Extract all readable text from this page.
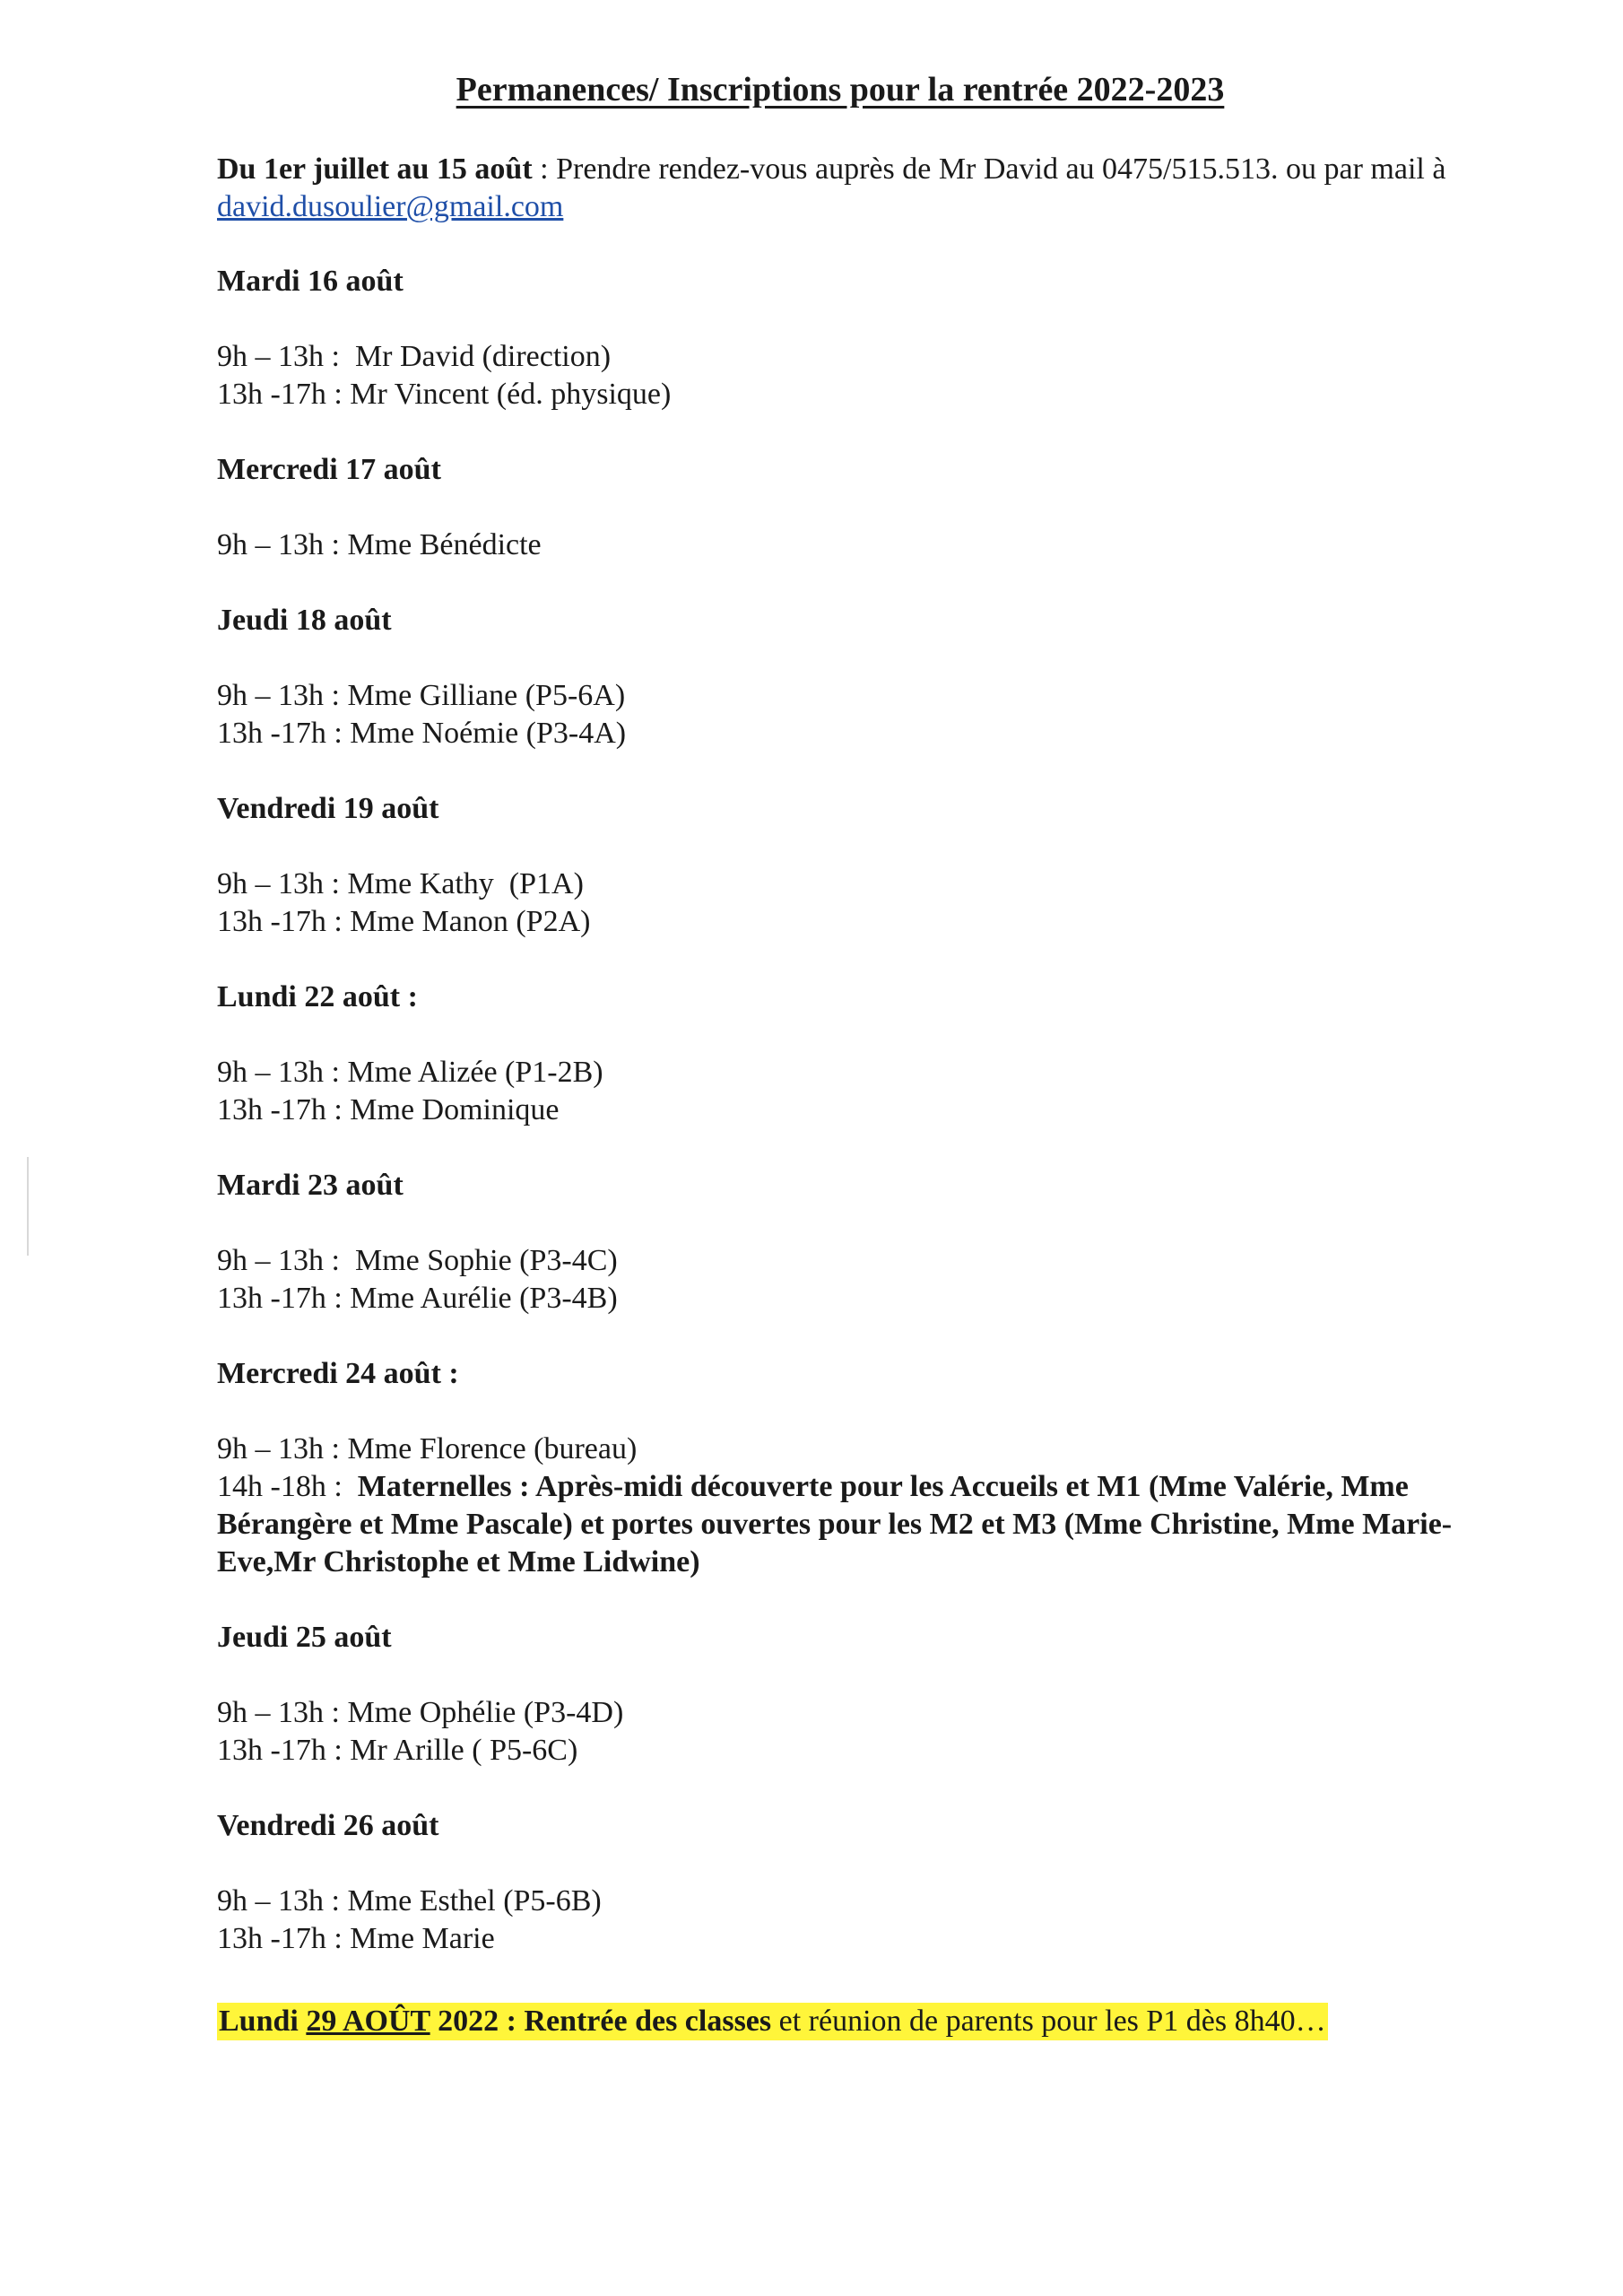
Permanences/ Inscriptions pour la rentrée 2022-2023
Du 1er juillet au 15 août : Prendre rendez-vous auprès de Mr David au 0475/515.513. ou par mail à david.dusoulier@gmail.com
Mardi 16 août
9h – 13h :  Mr David (direction)
13h -17h : Mr Vincent (éd. physique)
Mercredi 17 août
9h – 13h : Mme Bénédicte
Jeudi 18 août
9h – 13h : Mme Gilliane (P5-6A)
13h -17h : Mme Noémie (P3-4A)
Vendredi 19 août
9h – 13h : Mme Kathy  (P1A)
13h -17h : Mme Manon (P2A)
Lundi 22 août :
9h – 13h : Mme Alizée (P1-2B)
13h -17h : Mme Dominique
Mardi 23 août
9h – 13h :  Mme Sophie (P3-4C)
13h -17h : Mme Aurélie (P3-4B)
Mercredi 24 août :
9h – 13h : Mme Florence (bureau)
14h -18h :  Maternelles : Après-midi découverte pour les Accueils et M1 (Mme Valérie, Mme Bérangère et Mme Pascale) et portes ouvertes pour les M2 et M3 (Mme Christine, Mme Marie-Eve,Mr Christophe et Mme Lidwine)
Jeudi 25 août
9h – 13h : Mme Ophélie (P3-4D)
13h -17h : Mr Arille ( P5-6C)
Vendredi 26 août
9h – 13h : Mme Esthel (P5-6B)
13h -17h : Mme Marie
Lundi 29 AOÛT 2022 : Rentrée des classes et réunion de parents pour les P1 dès 8h40…
